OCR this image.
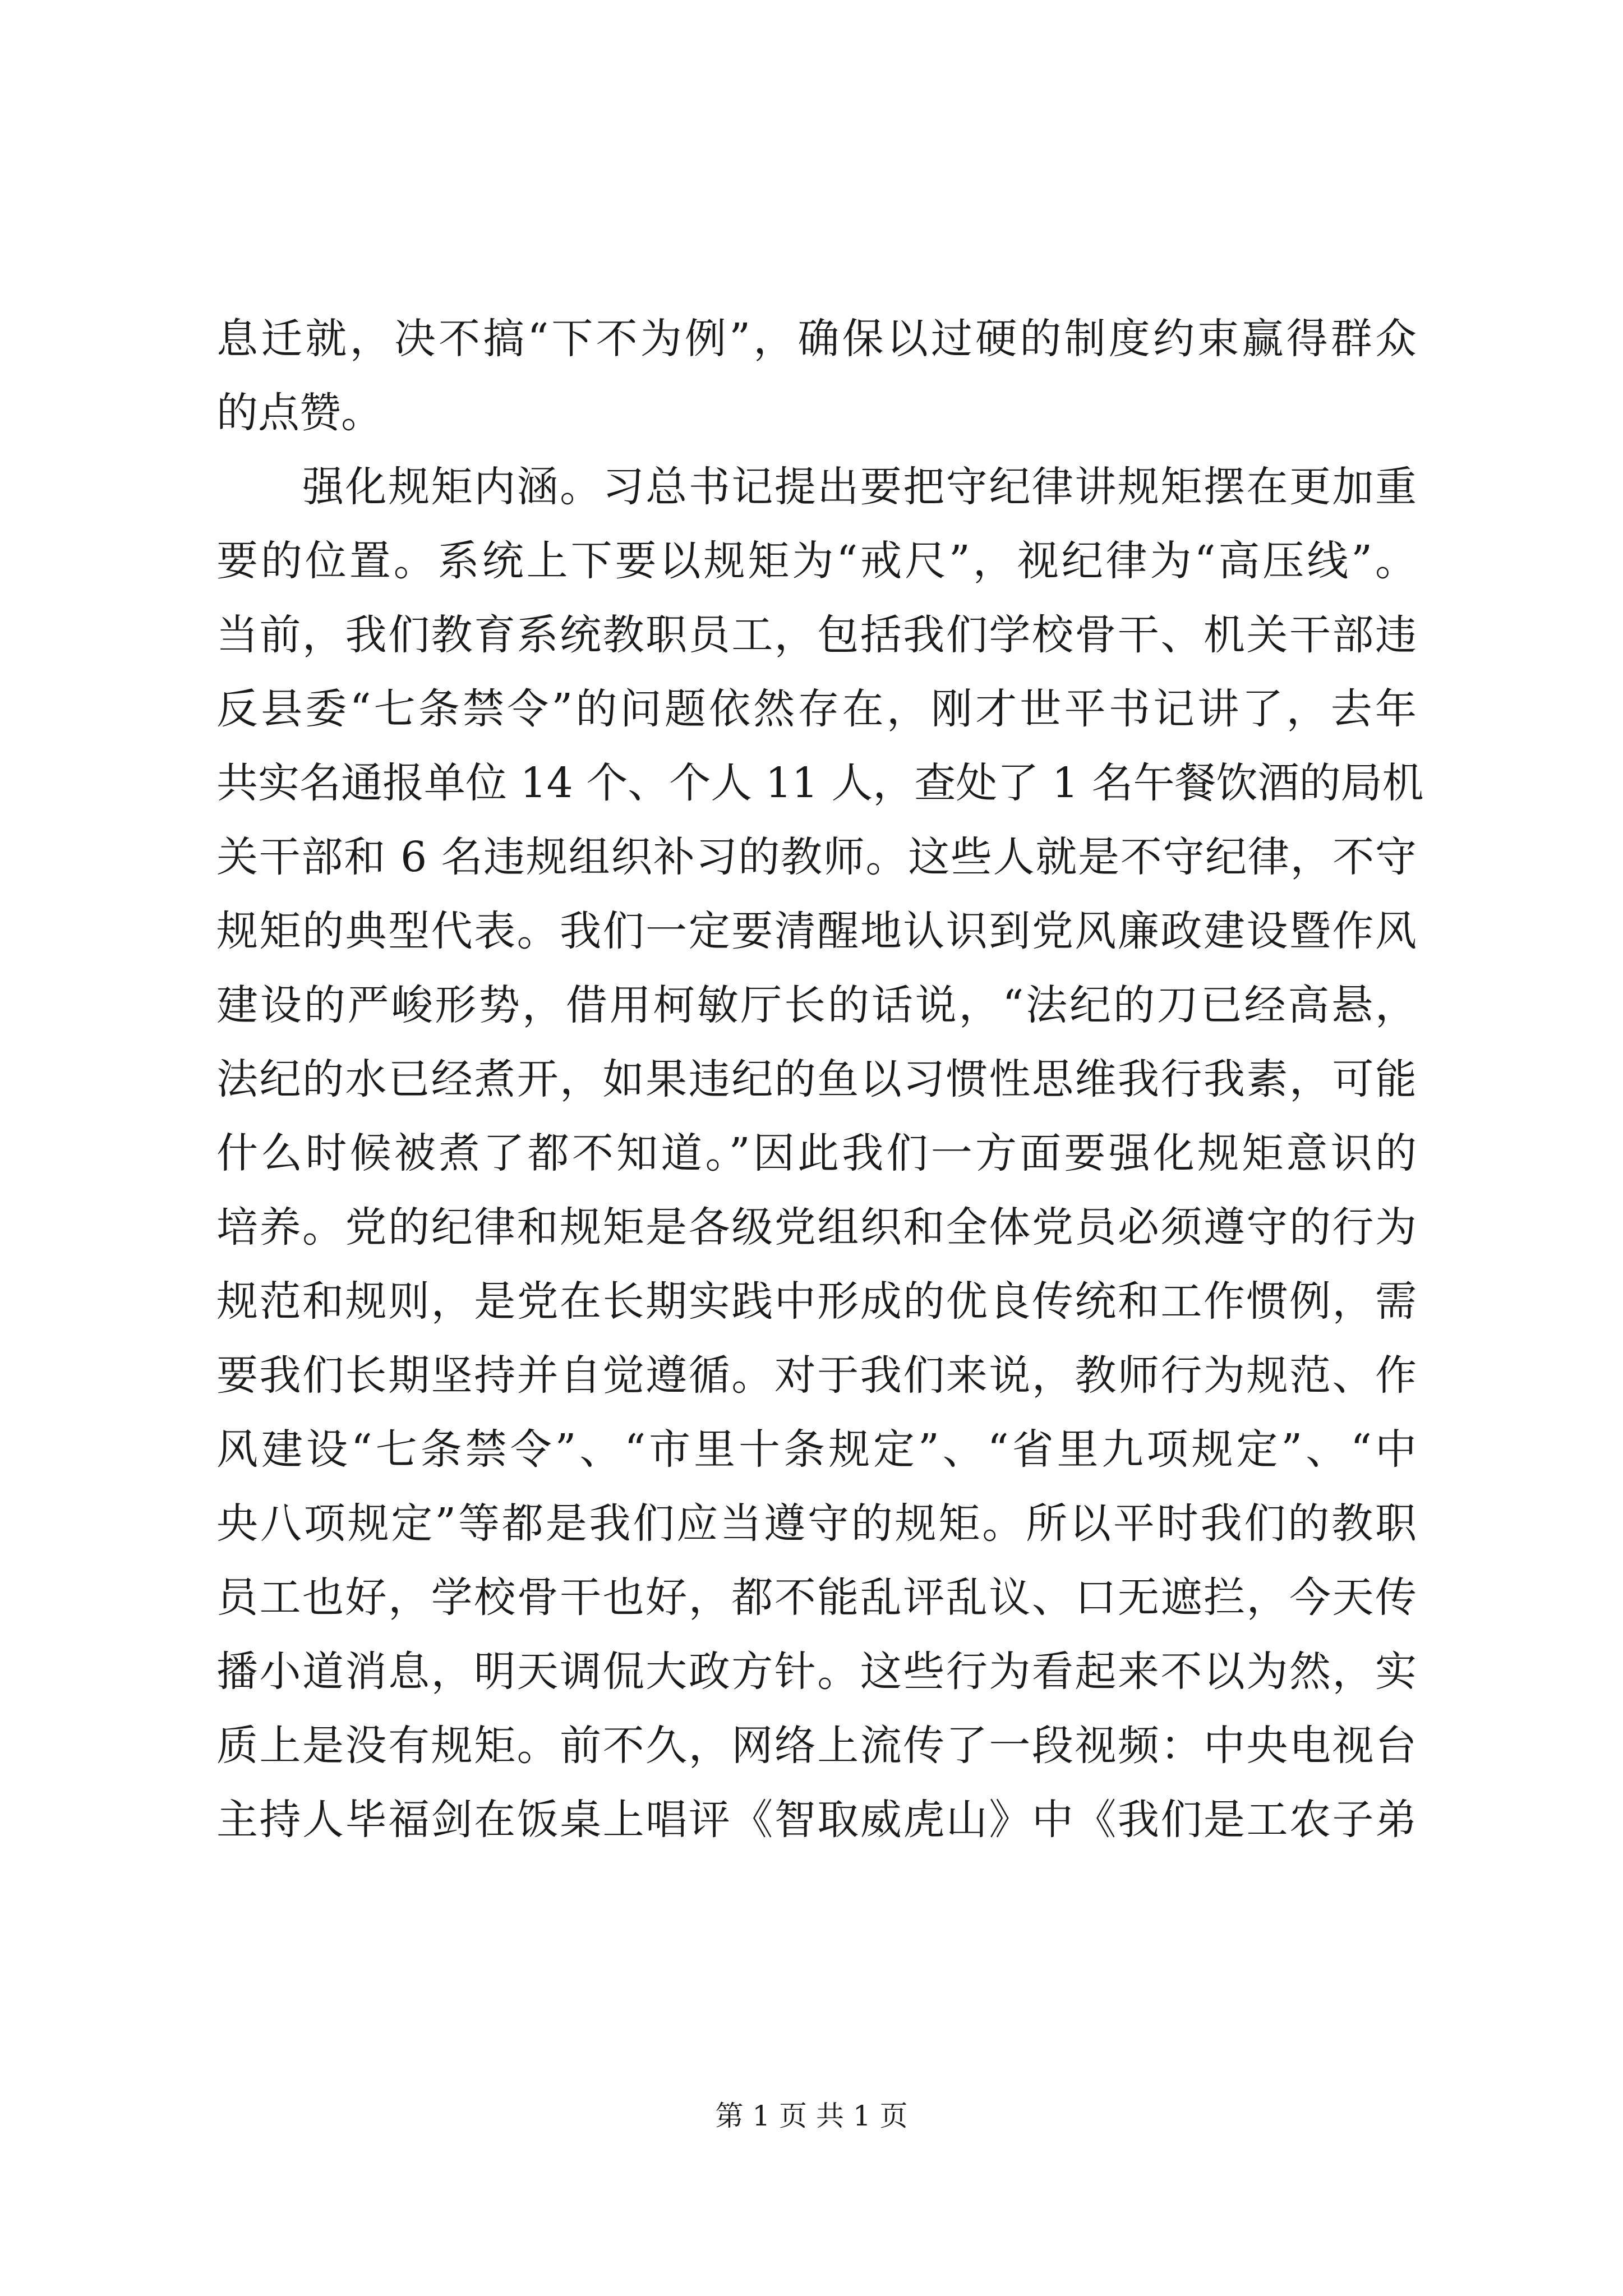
息迁就，决不搞“下不为例”，确保以过硬的制度约束赢得群众
的点赞。
　　强化规矩内涵。习总书记提出要把守纪律讲规矩摆在更加重
要的位置。系统上下要以规矩为“戒尺”，视纪律为“高压线”。
当前，我们教育系统教职员工，包括我们学校骨干、机关干部违
反县委“七条禁令”的问题依然存在，刚才世平书记讲了，去年
共实名通报单位 14 个、个人 11 人，查处了 1 名午餐饮酒的局机
关干部和 6 名违规组织补习的教师。这些人就是不守纪律，不守
规矩的典型代表。我们一定要清醒地认识到党风廉政建设暨作风
建设的严峻形势，借用柯敏厅长的话说，“法纪的刀已经高悬，
法纪的水已经煮开，如果违纪的鱼以习惯性思维我行我素，可能
什么时候被煮了都不知道。”因此我们一方面要强化规矩意识的
培养。党的纪律和规矩是各级党组织和全体党员必须遵守的行为
规范和规则，是党在长期实践中形成的优良传统和工作惯例，需
要我们长期坚持并自觉遵循。对于我们来说，教师行为规范、作
风建设“七条禁令”、“市里十条规定”、“省里九项规定”、“中
央八项规定”等都是我们应当遵守的规矩。所以平时我们的教职
员工也好，学校骨干也好，都不能乱评乱议、口无遮拦，今天传
播小道消息，明天调侃大政方针。这些行为看起来不以为然，实
质上是没有规矩。前不久，网络上流传了一段视频：中央电视台
主持人毕福剑在饭桌上唱评《智取威虎山》中《我们是工农子弟
第 1 页 共 1 页
